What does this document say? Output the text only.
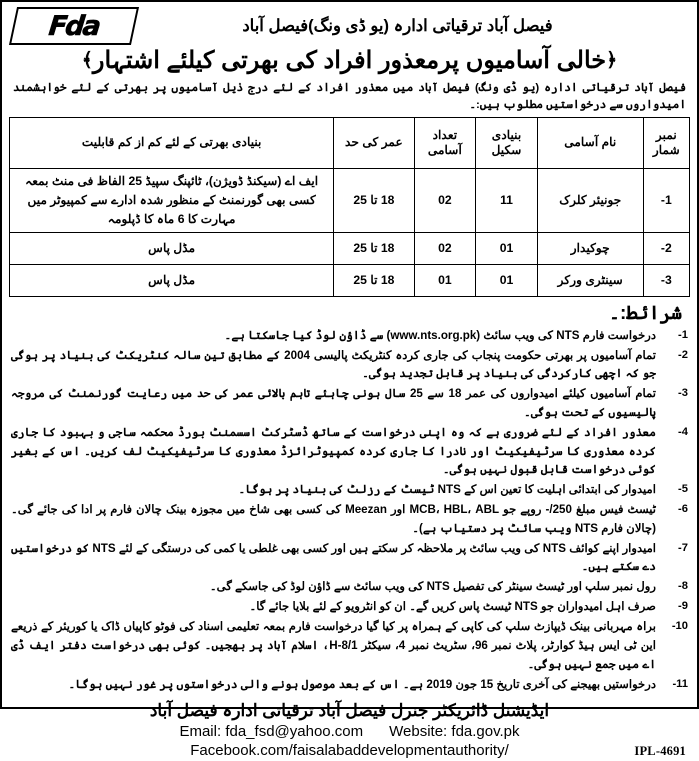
Fda	فیصل آباد ترقیاتی ادارہ (یو ڈی ونگ)فیصل آباد
﴿خالی آسامیوں پرمعذور افراد کی بھرتی کیلئے اشتہار﴾
فیصل آباد ترقیاتی ادارہ (یو ڈی ونگ) فیصل آباد میں معذور افراد کے لئے درج ذیل آسامیوں پر بھرتی کے لئے خواہشمند امیدواروں سے درخواستیں مطلوب ہیں:۔
نمبر شمار	نام آسامی	بنیادی سکیل	تعداد آسامی	عمر کی حد	بنیادی بھرتی کے لئے کم از کم قابلیت
1-	جونیئر کلرک	11	02	18 تا 25	ایف اے (سیکنڈ ڈویژن)، ٹائپنگ سپیڈ 25 الفاظ فی منٹ بمعہ کسی بھی گورنمنٹ کے منظور شدہ ادارے سے کمپیوٹر میں مہارت کا 6 ماہ کا ڈپلومہ
2-	چوکیدار	01	02	18 تا 25	مڈل پاس
3-	سینٹری ورکر	01	01	18 تا 25	مڈل پاس
شرائط:۔
1-
درخواست فارم NTS کی ویب سائٹ (www.nts.org.pk) سے ڈاؤن لوڈ کیا جاسکتا ہے۔
2-
تمام آسامیوں پر بھرتی حکومت پنجاب کی جاری کردہ کنٹریکٹ پالیسی 2004 کے مطابق تین سالہ کنٹریکٹ کی بنیاد پر ہوگی جو کہ اچھی کارکردگی کی بنیاد پر قابل تجدید ہوگی۔
3-
تمام آسامیوں کیلئے امیدواروں کی عمر 18 سے 25 سال ہونی چاہئے تاہم بالائی عمر کی حد میں رعایت گورنمنٹ کی مروجہ پالیسیوں کے تحت ہوگی۔
4-
معذور افراد کے لئے ضروری ہے کہ وہ اپنی درخواست کے ساتھ ڈسٹرکٹ اسسمنٹ بورڈ محکمہ ساجی و بہبود کا جاری کردہ معذوری کا سرٹیفیکیٹ اور نادرا کا جاری کردہ کمپیوٹرائزڈ معذوری کا سرٹیفیکیٹ لف کریں۔ اس کے بغیر کوئی درخواست قابل قبول نہیں ہوگی۔
5-
امیدوار کی ابتدائی اہلیت کا تعین اس کے NTS ٹیسٹ کے رزلٹ کی بنیاد پر ہوگا۔
6-
ٹیسٹ فیس مبلغ 250/- روپے جو MCB، HBL، ABL اور Meezan کی کسی بھی شاخ میں مجوزہ بینک چالان فارم پر ادا کی جائے گی۔ (چالان فارم NTS ویب سائٹ پر دستیاب ہے)۔
7-
امیدوار اپنے کوائف NTS کی ویب سائٹ پر ملاحظہ کر سکتے ہیں اور کسی بھی غلطی یا کمی کی درستگی کے لئے NTS کو درخواستیں دے سکتے ہیں۔
8-
رول نمبر سلپ اور ٹیسٹ سینٹر کی تفصیل NTS کی ویب سائٹ سے ڈاؤن لوڈ کی جاسکے گی۔
9-
صرف اہل امیدواران جو NTS ٹیسٹ پاس کریں گے۔ ان کو انٹرویو کے لئے بلایا جائے گا۔
10-
براہ مہربانی بینک ڈیپازٹ سلپ کی کاپی کے ہمراہ پر کیا گیا درخواست فارم بمعہ تعلیمی اسناد کی فوٹو کاپیاں ڈاک یا کوریئر کے ذریعے این ٹی ایس ہیڈ کوارٹر، پلاٹ نمبر 96، سٹریٹ نمبر 4، سیکٹر H-8/1، اسلام آباد پر بھجیں۔ کوئی بھی درخواست دفتر ایف ڈی اے میں جمع نہیں ہوگی۔
11-
درخواستیں بھیجنے کی آخری تاریخ 15 جون 2019 ہے۔ اس کے بعد موصول ہونے والی درخواستوں پر غور نہیں ہوگا۔
ایڈیشنل ڈائریکٹر جنرل فیصل آباد ترقیاتی ادارہ فیصل آباد
Email: fda_fsd@yahoo.com Website: fda.gov.pk
Facebook.com/faisalabaddevelopmentauthority/	IPL-4691
